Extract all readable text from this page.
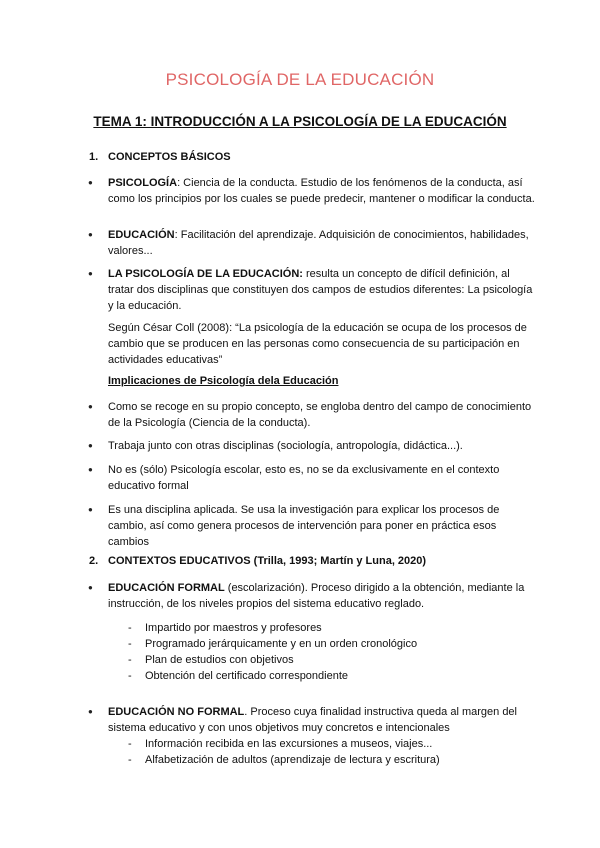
PSICOLOGÍA DE LA EDUCACIÓN
TEMA 1: INTRODUCCIÓN A LA PSICOLOGÍA DE LA EDUCACIÓN
1. CONCEPTOS BÁSICOS
● PSICOLOGÍA: Ciencia de la conducta. Estudio de los fenómenos de la conducta, así como los principios por los cuales se puede predecir, mantener o modificar la conducta.
● EDUCACIÓN: Facilitación del aprendizaje. Adquisición de conocimientos, habilidades, valores...
● LA PSICOLOGÍA DE LA EDUCACIÓN: resulta un concepto de difícil definición, al tratar dos disciplinas que constituyen dos campos de estudios diferentes: La psicología y la educación.
Según César Coll (2008): “La psicología de la educación se ocupa de los procesos de cambio que se producen en las personas como consecuencia de su participación en actividades educativas”
Implicaciones de Psicología dela Educación
● Como se recoge en su propio concepto, se engloba dentro del campo de conocimiento de la Psicología (Ciencia de la conducta).
● Trabaja junto con otras disciplinas (sociología, antropología, didáctica...).
● No es (sólo) Psicología escolar, esto es, no se da exclusivamente en el contexto educativo formal
● Es una disciplina aplicada. Se usa la investigación para explicar los procesos de cambio, así como genera procesos de intervención para poner en práctica esos cambios
2. CONTEXTOS EDUCATIVOS (Trilla, 1993; Martín y Luna, 2020)
● EDUCACIÓN FORMAL (escolarización). Proceso dirigido a la obtención, mediante la instrucción, de los niveles propios del sistema educativo reglado.
- Impartido por maestros y profesores
- Programado jerárquicamente y en un orden cronológico
- Plan de estudios con objetivos
- Obtención del certificado correspondiente
● EDUCACIÓN NO FORMAL. Proceso cuya finalidad instructiva queda al margen del sistema educativo y con unos objetivos muy concretos e intencionales
- Información recibida en las excursiones a museos, viajes...
- Alfabetización de adultos (aprendizaje de lectura y escritura)
